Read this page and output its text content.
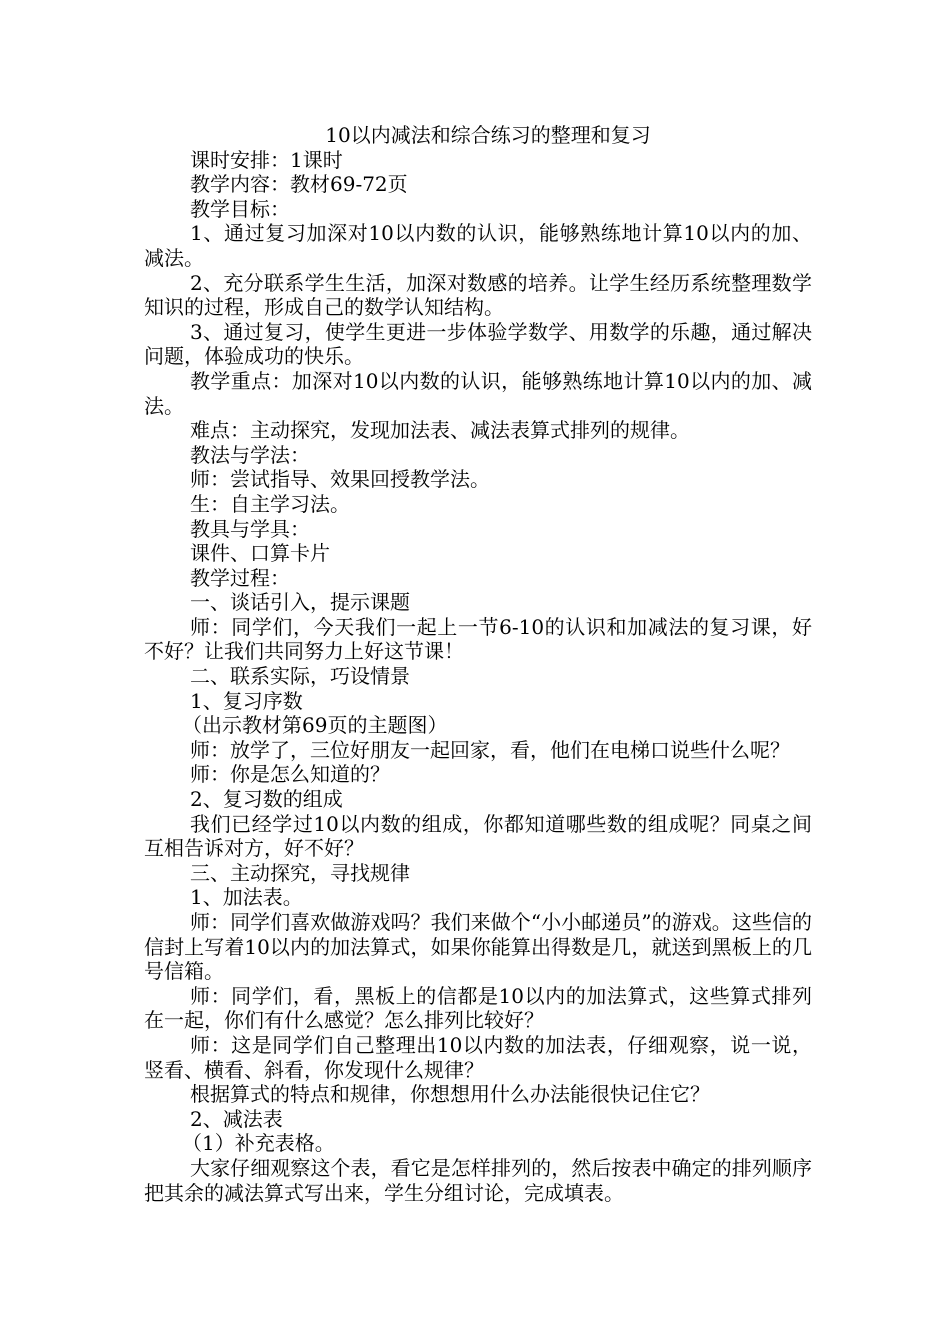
10以内减法和综合练习的整理和复习

课时安排：1课时

教学内容：教材69-72页

教学目标：

1、通过复习加深对10以内数的认识，能够熟练地计算10以内的加、减法。

2、充分联系学生生活，加深对数感的培养。让学生经历系统整理数学知识的过程，形成自己的数学认知结构。

3、通过复习，使学生更进一步体验学数学、用数学的乐趣，通过解决问题，体验成功的快乐。

教学重点：加深对10以内数的认识，能够熟练地计算10以内的加、减法。

难点：主动探究，发现加法表、减法表算式排列的规律。

教法与学法：

师：尝试指导、效果回授教学法。

生：自主学习法。

教具与学具：

课件、口算卡片

教学过程：

一、谈话引入，提示课题

师：同学们，今天我们一起上一节6-10的认识和加减法的复习课，好不好？让我们共同努力上好这节课！

二、联系实际，巧设情景

1、复习序数

（出示教材第69页的主题图）

师：放学了，三位好朋友一起回家，看，他们在电梯口说些什么呢？

师：你是怎么知道的？

2、复习数的组成

我们已经学过10以内数的组成，你都知道哪些数的组成呢？同桌之间互相告诉对方，好不好？

三、主动探究，寻找规律

1、加法表。

师：同学们喜欢做游戏吗？我们来做个“小小邮递员”的游戏。这些信的信封上写着10以内的加法算式，如果你能算出得数是几，就送到黑板上的几号信箱。

师：同学们，看，黑板上的信都是10以内的加法算式，这些算式排列在一起，你们有什么感觉？怎么排列比较好？

师：这是同学们自己整理出10以内数的加法表，仔细观察，说一说，竖看、横看、斜看，你发现什么规律？

根据算式的特点和规律，你想想用什么办法能很快记住它？

2、减法表

（1）补充表格。

大家仔细观察这个表，看它是怎样排列的，然后按表中确定的排列顺序把其余的减法算式写出来，学生分组讨论，完成填表。
